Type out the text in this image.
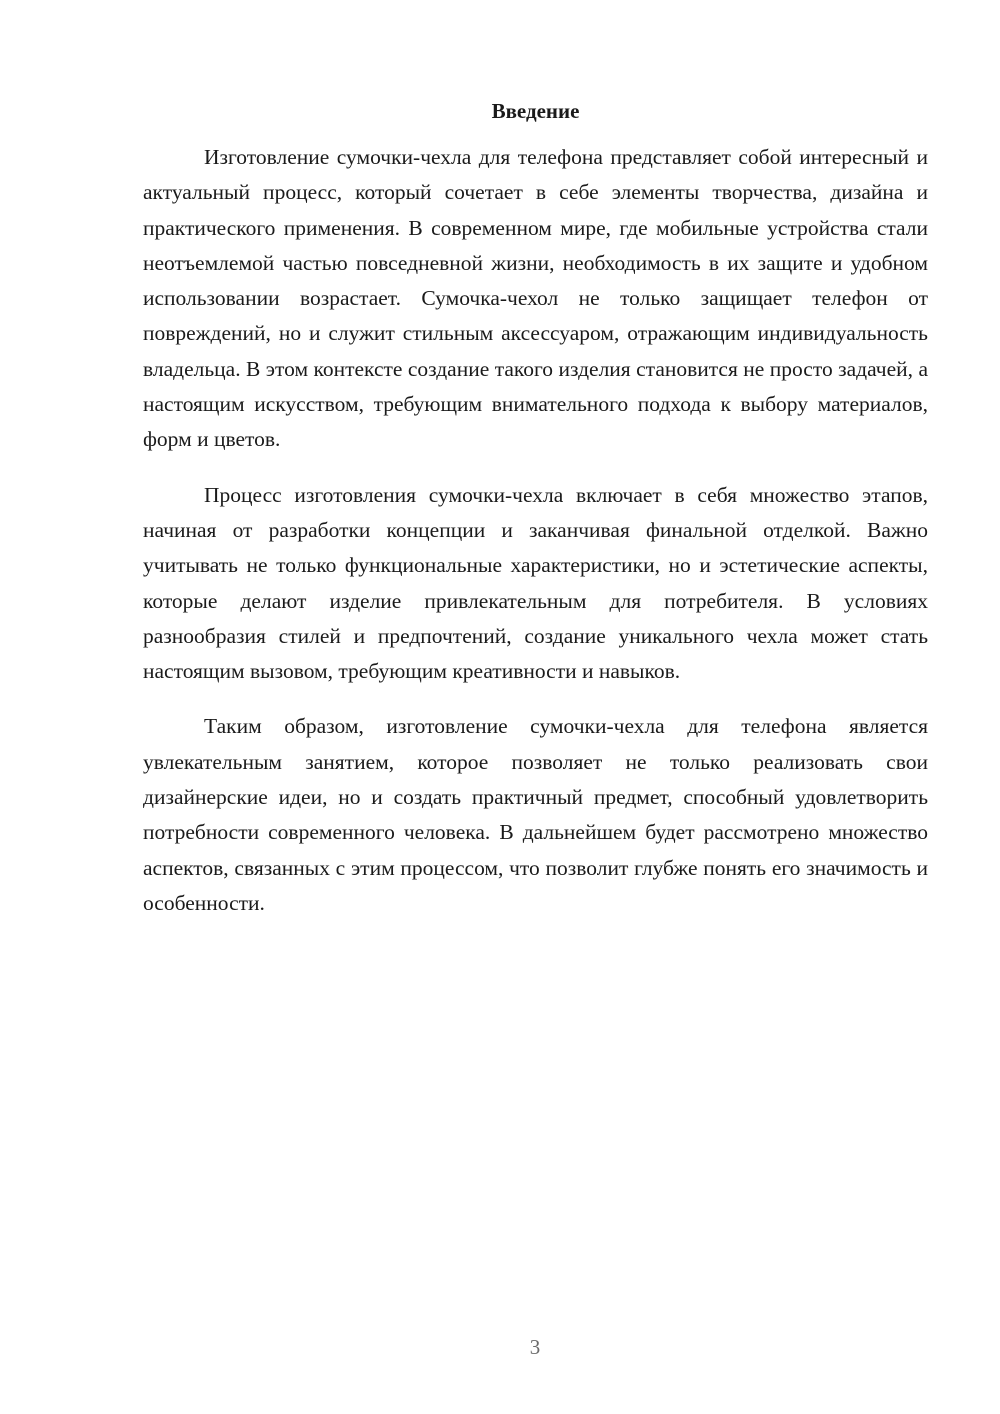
Введение

Изготовление сумочки-чехла для телефона представляет собой интересный и актуальный процесс, который сочетает в себе элементы творчества, дизайна и практического применения. В современном мире, где мобильные устройства стали неотъемлемой частью повседневной жизни, необходимость в их защите и удобном использовании возрастает. Сумочка-чехол не только защищает телефон от повреждений, но и служит стильным аксессуаром, отражающим индивидуальность владельца. В этом контексте создание такого изделия становится не просто задачей, а настоящим искусством, требующим внимательного подхода к выбору материалов, форм и цветов.

Процесс изготовления сумочки-чехла включает в себя множество этапов, начиная от разработки концепции и заканчивая финальной отделкой. Важно учитывать не только функциональные характеристики, но и эстетические аспекты, которые делают изделие привлекательным для потребителя. В условиях разнообразия стилей и предпочтений, создание уникального чехла может стать настоящим вызовом, требующим креативности и навыков.

Таким образом, изготовление сумочки-чехла для телефона является увлекательным занятием, которое позволяет не только реализовать свои дизайнерские идеи, но и создать практичный предмет, способный удовлетворить потребности современного человека. В дальнейшем будет рассмотрено множество аспектов, связанных с этим процессом, что позволит глубже понять его значимость и особенности.

3
